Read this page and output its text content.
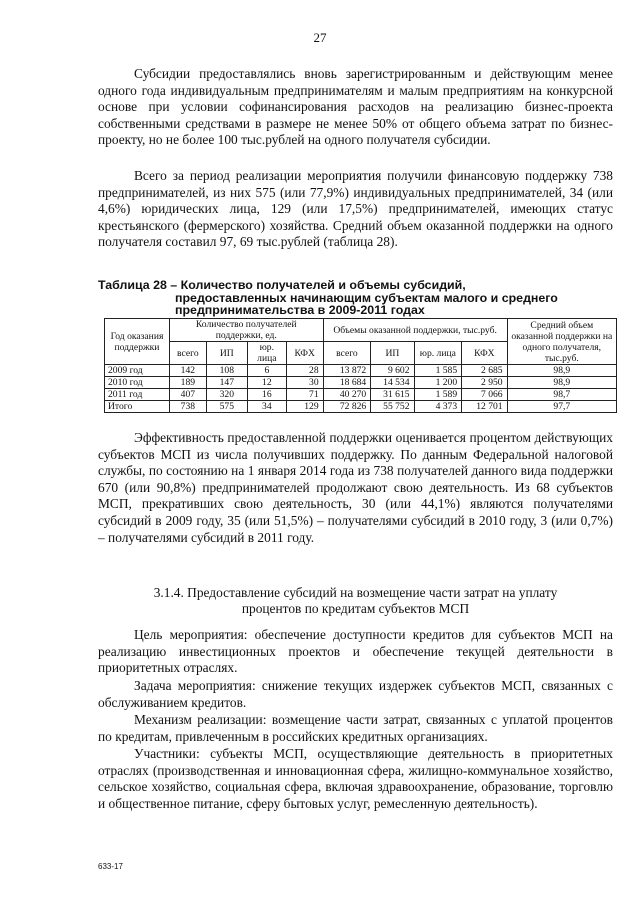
27

Субсидии предоставлялись вновь зарегистрированным и действующим менее одного года индивидуальным предпринимателям и малым предприятиям на конкурсной основе при условии софинансирования расходов на реализацию бизнес-проекта собственными средствами в размере не менее 50% от общего объема затрат по бизнес-проекту, но не более 100 тыс.рублей на одного получателя субсидии.

Всего за период реализации мероприятия получили финансовую поддержку 738 предпринимателей, из них 575 (или 77,9%) индивидуальных предпринимателей, 34 (или 4,6%) юридических лица, 129 (или 17,5%) предпринимателей, имеющих статус крестьянского (фермерского) хозяйства. Средний объем оказанной поддержки на одного получателя составил 97, 69 тыс.рублей (таблица 28).

Таблица 28 – Количество получателей и объемы субсидий,
предоставленных начинающим субъектам малого и среднего
предпринимательства в 2009-2011 годах

Год оказания поддержки	Количество получателей поддержки, ед.				Объемы оказанной поддержки, тыс.руб.				Средний объем оказанной поддержки на одного получателя, тыс.руб.
	всего	ИП	юр. лица	КФХ	всего	ИП	юр. лица	КФХ	
2009 год	142	108	6	28	13 872	9 602	1 585	2 685	98,9
2010 год	189	147	12	30	18 684	14 534	1 200	2 950	98,9
2011 год	407	320	16	71	40 270	31 615	1 589	7 066	98,7
Итого	738	575	34	129	72 826	55 752	4 373	12 701	97,7

Эффективность предоставленной поддержки оценивается процентом действующих субъектов МСП из числа получивших поддержку. По данным Федеральной налоговой службы, по состоянию на 1 января 2014 года из 738 получателей данного вида поддержки 670 (или 90,8%) предпринимателей продолжают свою деятельность. Из 68 субъектов МСП, прекративших свою деятельность, 30 (или 44,1%) являются получателями субсидий в 2009 году, 35 (или 51,5%) – получателями субсидий в 2010 году, 3 (или 0,7%) – получателями субсидий в 2011 году.

3.1.4. Предоставление субсидий на возмещение части затрат на уплату
процентов по кредитам субъектов МСП

Цель мероприятия: обеспечение доступности кредитов для субъектов МСП на реализацию инвестиционных проектов и обеспечение текущей деятельности в приоритетных отраслях.

Задача мероприятия: снижение текущих издержек субъектов МСП, связанных с обслуживанием кредитов.

Механизм реализации: возмещение части затрат, связанных с уплатой процентов по кредитам, привлеченным в российских кредитных организациях.

Участники: субъекты МСП, осуществляющие деятельность в приоритетных отраслях (производственная и инновационная сфера, жилищно-коммунальное хозяйство, сельское хозяйство, социальная сфера, включая здравоохранение, образование, торговлю и общественное питание, сферу бытовых услуг, ремесленную деятельность).

633-17
